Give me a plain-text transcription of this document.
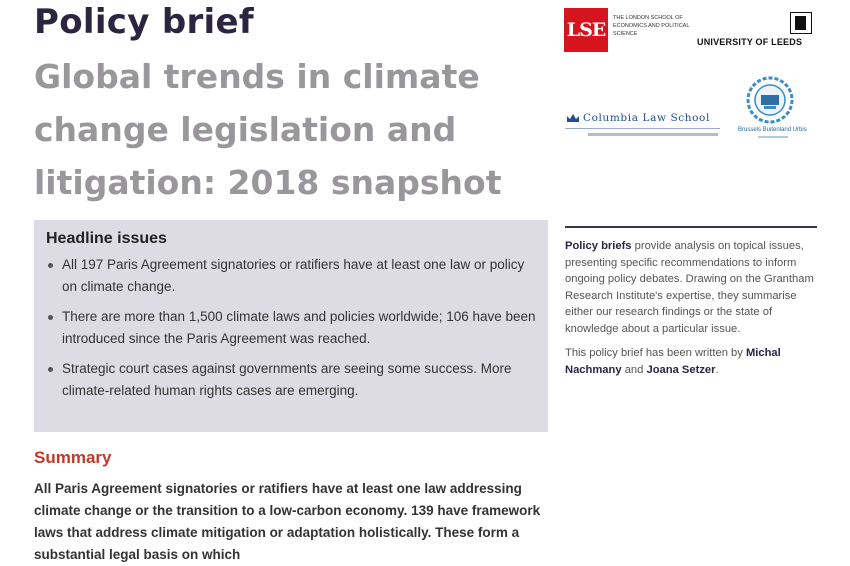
Policy brief
Global trends in climate change legislation and litigation: 2018 snapshot
LSE
THE LONDON SCHOOL OF ECONOMICS AND POLITICAL SCIENCE
UNIVERSITY OF LEEDS
Columbia Law School
Brussels Buitenland Urbis
Headline issues
All 197 Paris Agreement signatories or ratifiers have at least one law or policy on climate change.
There are more than 1,500 climate laws and policies worldwide; 106 have been introduced since the Paris Agreement was reached.
Strategic court cases against governments are seeing some success. More climate-related human rights cases are emerging.

Policy briefs provide analysis on topical issues, presenting specific recommendations to inform ongoing policy debates. Drawing on the Grantham Research Institute's expertise, they summarise either our research findings or the state of knowledge about a particular issue.

This policy brief has been written by Michal Nachmany and Joana Setzer.

Summary

All Paris Agreement signatories or ratifiers have at least one law addressing climate change or the transition to a low-carbon economy. 139 have framework laws that address climate mitigation or adaptation holistically. These form a substantial legal basis on which
